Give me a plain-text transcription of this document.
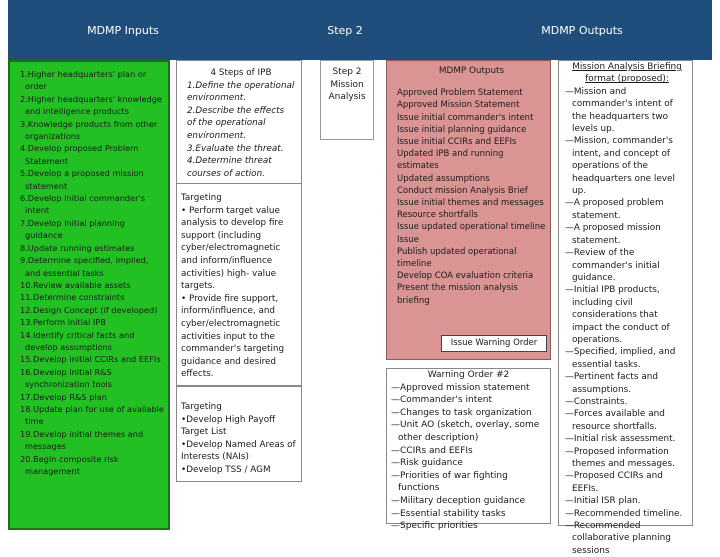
MDMP Inputs	Step 2	MDMP Outputs
1.Higher headquarters' plan or order
2.Higher headquarters' knowledge and intelligence products
3.Knowledge products from other organizations
4.Develop proposed Problem Statement
5.Develop a proposed mission statement
6.Develop initial commander's intent
7.Develop initial planning guidance
8.Update running estimates
9.Determine specified, implied, and essential tasks
10.Review available assets
11.Determine constraints
12.Design Concept (if developed)
13.Perform initial IPB
14.Identify critical facts and develop assumptions
15.Develop initial CCIRs and EEFIs
16.Develop initial R&S synchronization tools
17.Develop R&S plan
18.Update plan for use of available time
19.Develop initial themes and messages
20.Begin composite risk management

4 Steps of IPB

1.Define the operational environment.
2.Describe the effects of the operational environment.
3.Evaluate the threat.
4.Determine threat courses of action.

Targeting

• Perform target value analysis to develop fire support (including cyber/electromagnetic and inform/influence activities) high- value targets.
• Provide fire support, inform/influence, and cyber/electromagnetic activities input to the commander's targeting guidance and desired effects.

Targeting

•Develop High Payoff Target List
•Develop Named Areas of Interests (NAIs)
•Develop TSS / AGM
Step 2
Mission
Analysis
MDMP Outputs
Approved Problem Statement
Approved Mission Statement
Issue initial commander's intent
Issue initial planning guidance
Issue initial CCIRs and EEFIs
Updated IPB and running estimates
Updated assumptions
Conduct mission Analysis Brief
Issue initial themes and messages
Resource shortfalls
Issue updated operational timeline
Issue
Publish updated operational timeline
Develop COA evaluation criteria
Present the mission analysis briefing
Issue Warning Order
Warning Order #2
—Approved mission statement
—Commander's intent
—Changes to task organization
—Unit AO (sketch, overlay, some other description)
—CCIRs and EEFIs
—Risk guidance
—Priorities of war fighting functions
—Military deception guidance
—Essential stability tasks
—Specific priorities
Mission Analysis Briefing format (proposed):
—Mission and commander's intent of the headquarters two levels up.
—Mission, commander's intent, and concept of operations of the headquarters one level up.
—A proposed problem statement.
—A proposed mission statement.
—Review of the commander's initial guidance.
—Initial IPB products, including civil considerations that impact the conduct of operations.
—Specified, implied, and essential tasks.
—Pertinent facts and assumptions.
—Constraints.
—Forces available and resource shortfalls.
—Initial risk assessment.
—Proposed information themes and messages.
—Proposed CCIRs and EEFIs.
—Initial ISR plan.
—Recommended timeline.
—Recommended collaborative planning sessions
